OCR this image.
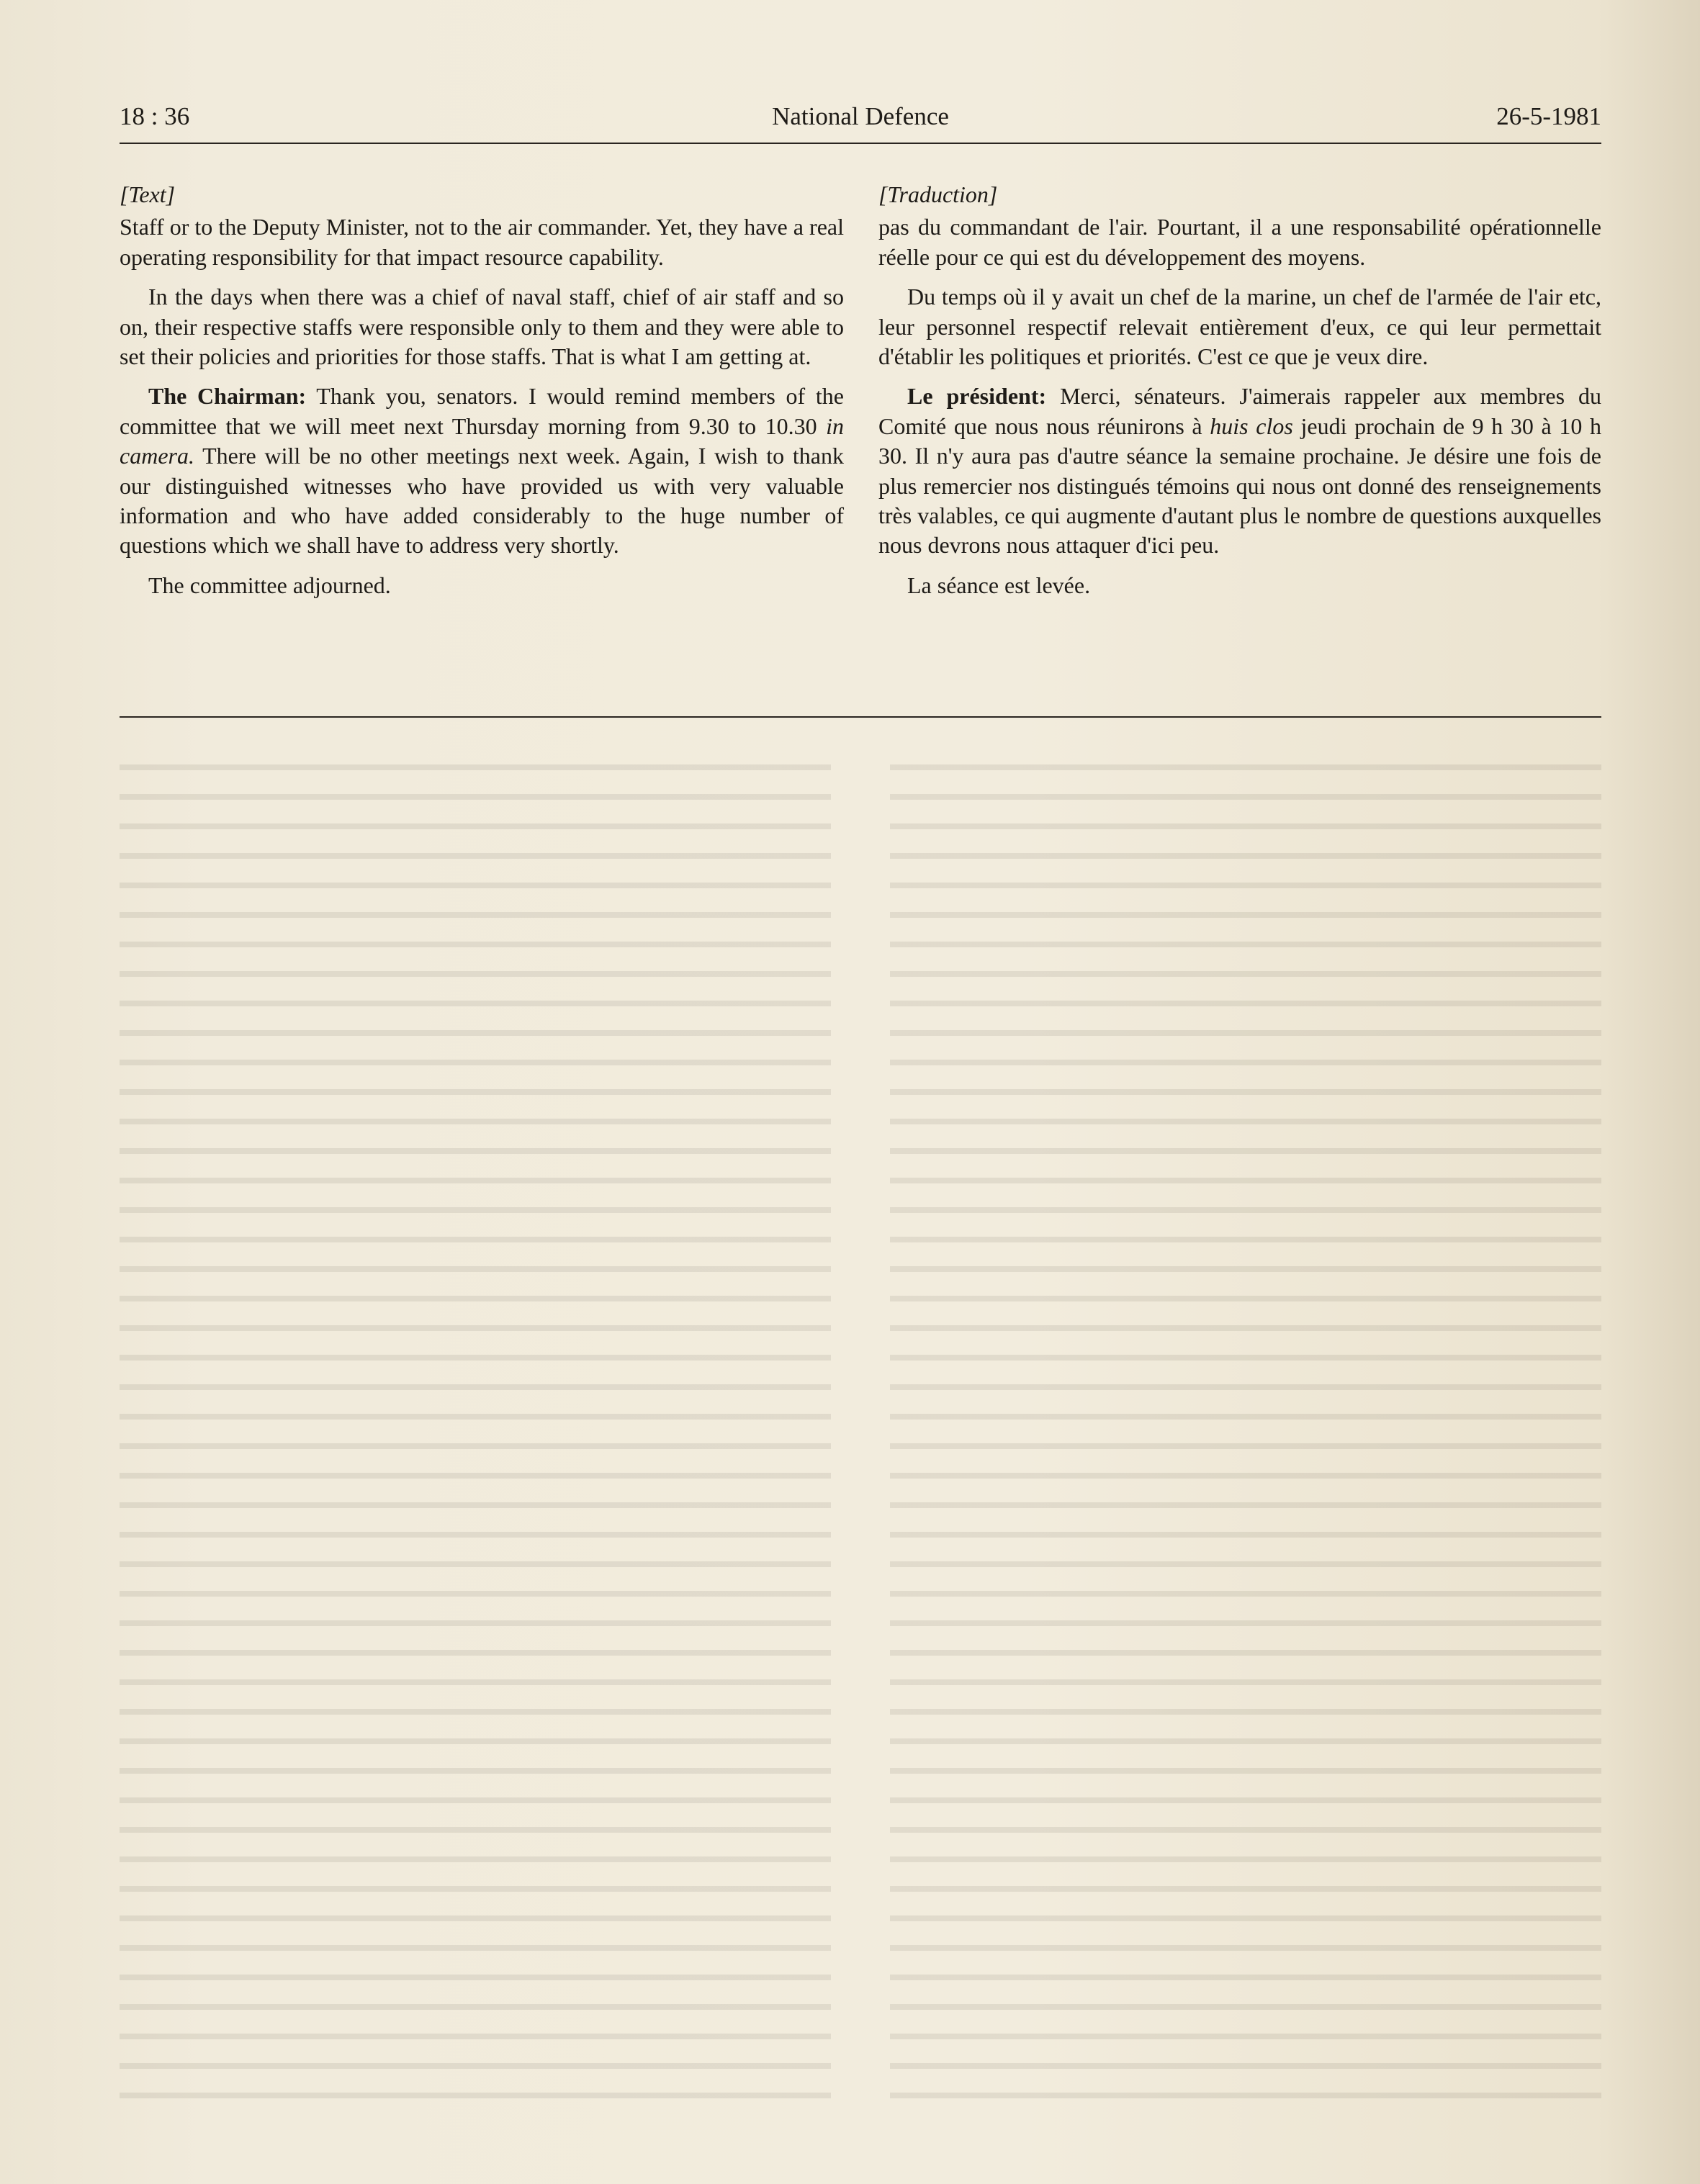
18 : 36	National Defence	26-5-1981
[Text]

Staff or to the Deputy Minister, not to the air commander. Yet, they have a real operating responsibility for that impact resource capability.

In the days when there was a chief of naval staff, chief of air staff and so on, their respective staffs were responsible only to them and they were able to set their policies and priorities for those staffs. That is what I am getting at.

The Chairman: Thank you, senators. I would remind members of the committee that we will meet next Thursday morning from 9.30 to 10.30 in camera. There will be no other meetings next week. Again, I wish to thank our distinguished witnesses who have provided us with very valuable information and who have added considerably to the huge number of questions which we shall have to address very shortly.

The committee adjourned.

[Traduction]

pas du commandant de l'air. Pourtant, il a une responsabilité opérationnelle réelle pour ce qui est du développement des moyens.

Du temps où il y avait un chef de la marine, un chef de l'armée de l'air etc, leur personnel respectif relevait entièrement d'eux, ce qui leur permettait d'établir les politiques et priorités. C'est ce que je veux dire.

Le président: Merci, sénateurs. J'aimerais rappeler aux membres du Comité que nous nous réunirons à huis clos jeudi prochain de 9 h 30 à 10 h 30. Il n'y aura pas d'autre séance la semaine prochaine. Je désire une fois de plus remercier nos distingués témoins qui nous ont donné des renseignements très valables, ce qui augmente d'autant plus le nombre de questions auxquelles nous devrons nous attaquer d'ici peu.

La séance est levée.
